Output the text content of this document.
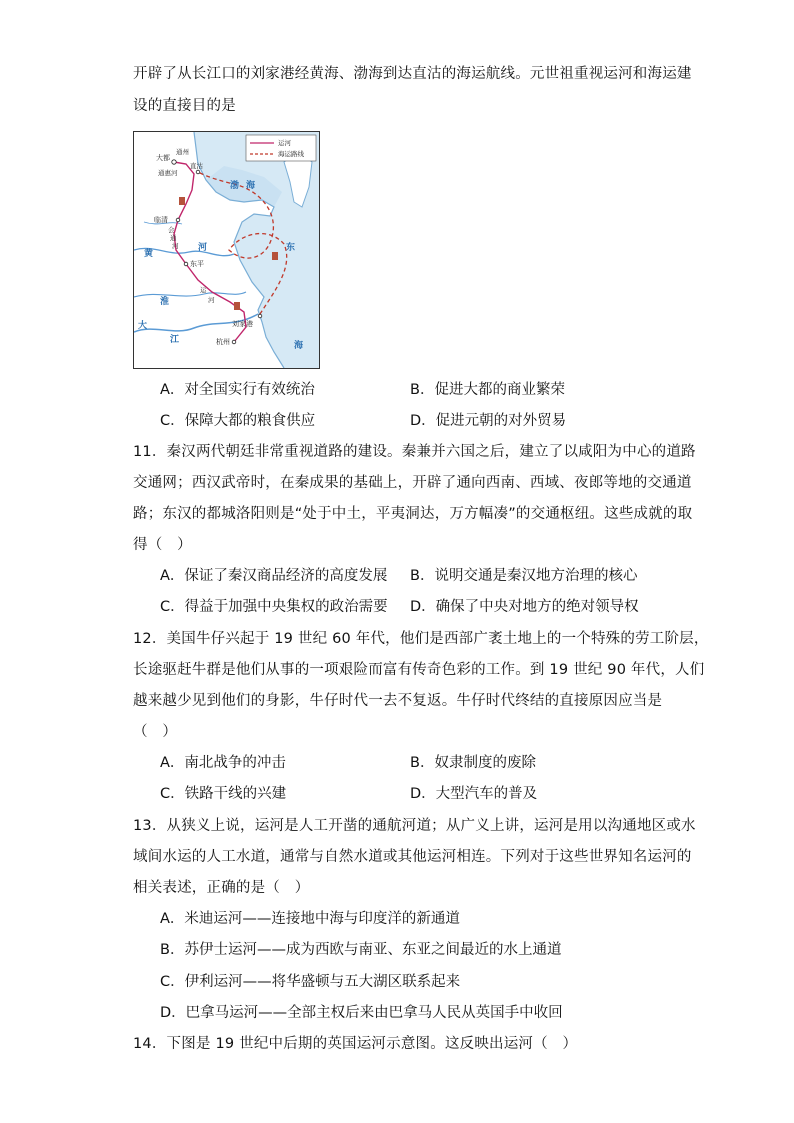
开辟了从长江口的刘家港经黄海、渤海到达直沽的海运航线。元世祖重视运河和海运建
设的直接目的是
运河
海运路线
大都
通州
直沽
通惠河
渤 海
临清
会
通
河
东平
黄
河
淮
大
江
东
海
运
河
刘家港
杭州
A．对全国实行有效统治	B．促进大都的商业繁荣
C．保障大都的粮食供应	D．促进元朝的对外贸易
11．秦汉两代朝廷非常重视道路的建设。秦兼并六国之后，建立了以咸阳为中心的道路
交通网；西汉武帝时，在秦成果的基础上，开辟了通向西南、西域、夜郎等地的交通道
路；东汉的都城洛阳则是“处于中土，平夷洞达，万方幅凑”的交通枢纽。这些成就的取
得（　）
A．保证了秦汉商品经济的高度发展 B．说明交通是秦汉地方治理的核心
C．得益于加强中央集权的政治需要 D．确保了中央对地方的绝对领导权
12．美国牛仔兴起于 19 世纪 60 年代，他们是西部广袤土地上的一个特殊的劳工阶层，
长途驱赶牛群是他们从事的一项艰险而富有传奇色彩的工作。到 19 世纪 90 年代，人们
越来越少见到他们的身影，牛仔时代一去不复返。牛仔时代终结的直接原因应当是
（　）
A．南北战争的冲击	B．奴隶制度的废除
C．铁路干线的兴建	D．大型汽车的普及
13．从狭义上说，运河是人工开凿的通航河道；从广义上讲，运河是用以沟通地区或水
域间水运的人工水道，通常与自然水道或其他运河相连。下列对于这些世界知名运河的
相关表述，正确的是（　）
A．米迪运河——连接地中海与印度洋的新通道
B．苏伊士运河——成为西欧与南亚、东亚之间最近的水上通道
C．伊利运河——将华盛顿与五大湖区联系起来
D．巴拿马运河——全部主权后来由巴拿马人民从英国手中收回
14．下图是 19 世纪中后期的英国运河示意图。这反映出运河（　）
